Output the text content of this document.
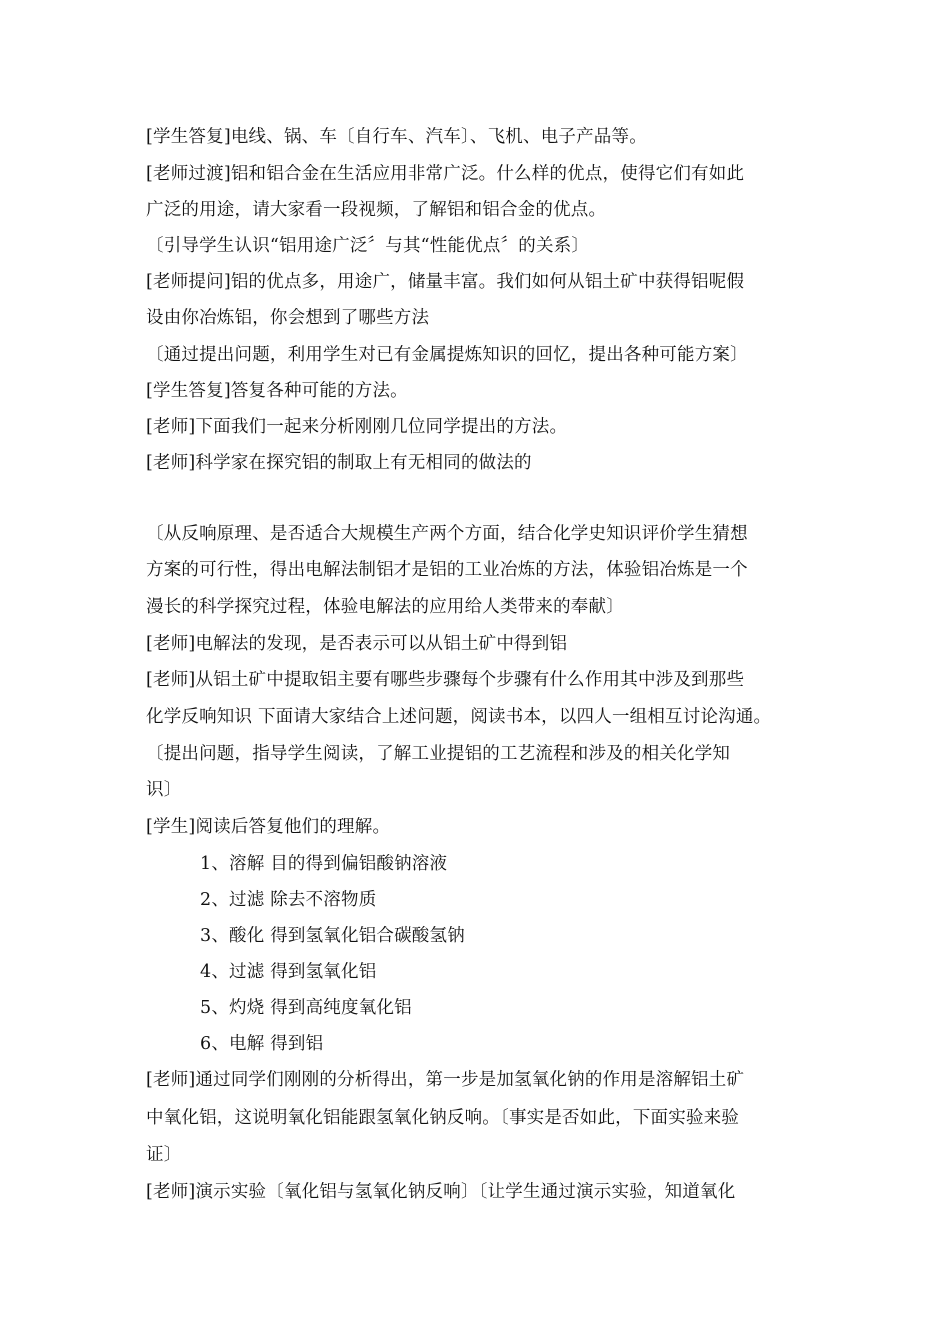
[学生答复]电线、锅、车〔自行车、汽车〕、飞机、电子产品等。
[老师过渡]铝和铝合金在生活应用非常广泛。什么样的优点，使得它们有如此
广泛的用途，请大家看一段视频，了解铝和铝合金的优点。
〔引导学生认识“铝用途广泛〞与其“性能优点〞的关系〕
[老师提问]铝的优点多，用途广，储量丰富。我们如何从铝土矿中获得铝呢假
设由你冶炼铝，你会想到了哪些方法
〔通过提出问题，利用学生对已有金属提炼知识的回忆，提出各种可能方案〕
[学生答复]答复各种可能的方法。
[老师]下面我们一起来分析刚刚几位同学提出的方法。
[老师]科学家在探究铝的制取上有无相同的做法的
〔从反响原理、是否适合大规模生产两个方面，结合化学史知识评价学生猜想
方案的可行性，得出电解法制铝才是铝的工业冶炼的方法，体验铝冶炼是一个
漫长的科学探究过程，体验电解法的应用给人类带来的奉献〕
[老师]电解法的发现，是否表示可以从铝土矿中得到铝
[老师]从铝土矿中提取铝主要有哪些步骤每个步骤有什么作用其中涉及到那些
化学反响知识 下面请大家结合上述问题，阅读书本，以四人一组相互讨论沟通。
〔提出问题，指导学生阅读，了解工业提铝的工艺流程和涉及的相关化学知
识〕
[学生]阅读后答复他们的理解。
1、溶解 目的得到偏铝酸钠溶液
2、过滤 除去不溶物质
3、酸化 得到氢氧化铝合碳酸氢钠
4、过滤 得到氢氧化铝
5、灼烧 得到高纯度氧化铝
6、电解 得到铝
[老师]通过同学们刚刚的分析得出，第一步是加氢氧化钠的作用是溶解铝土矿
中氧化铝，这说明氧化铝能跟氢氧化钠反响。〔事实是否如此，下面实验来验
证〕
[老师]演示实验〔氧化铝与氢氧化钠反响〕〔让学生通过演示实验，知道氧化
